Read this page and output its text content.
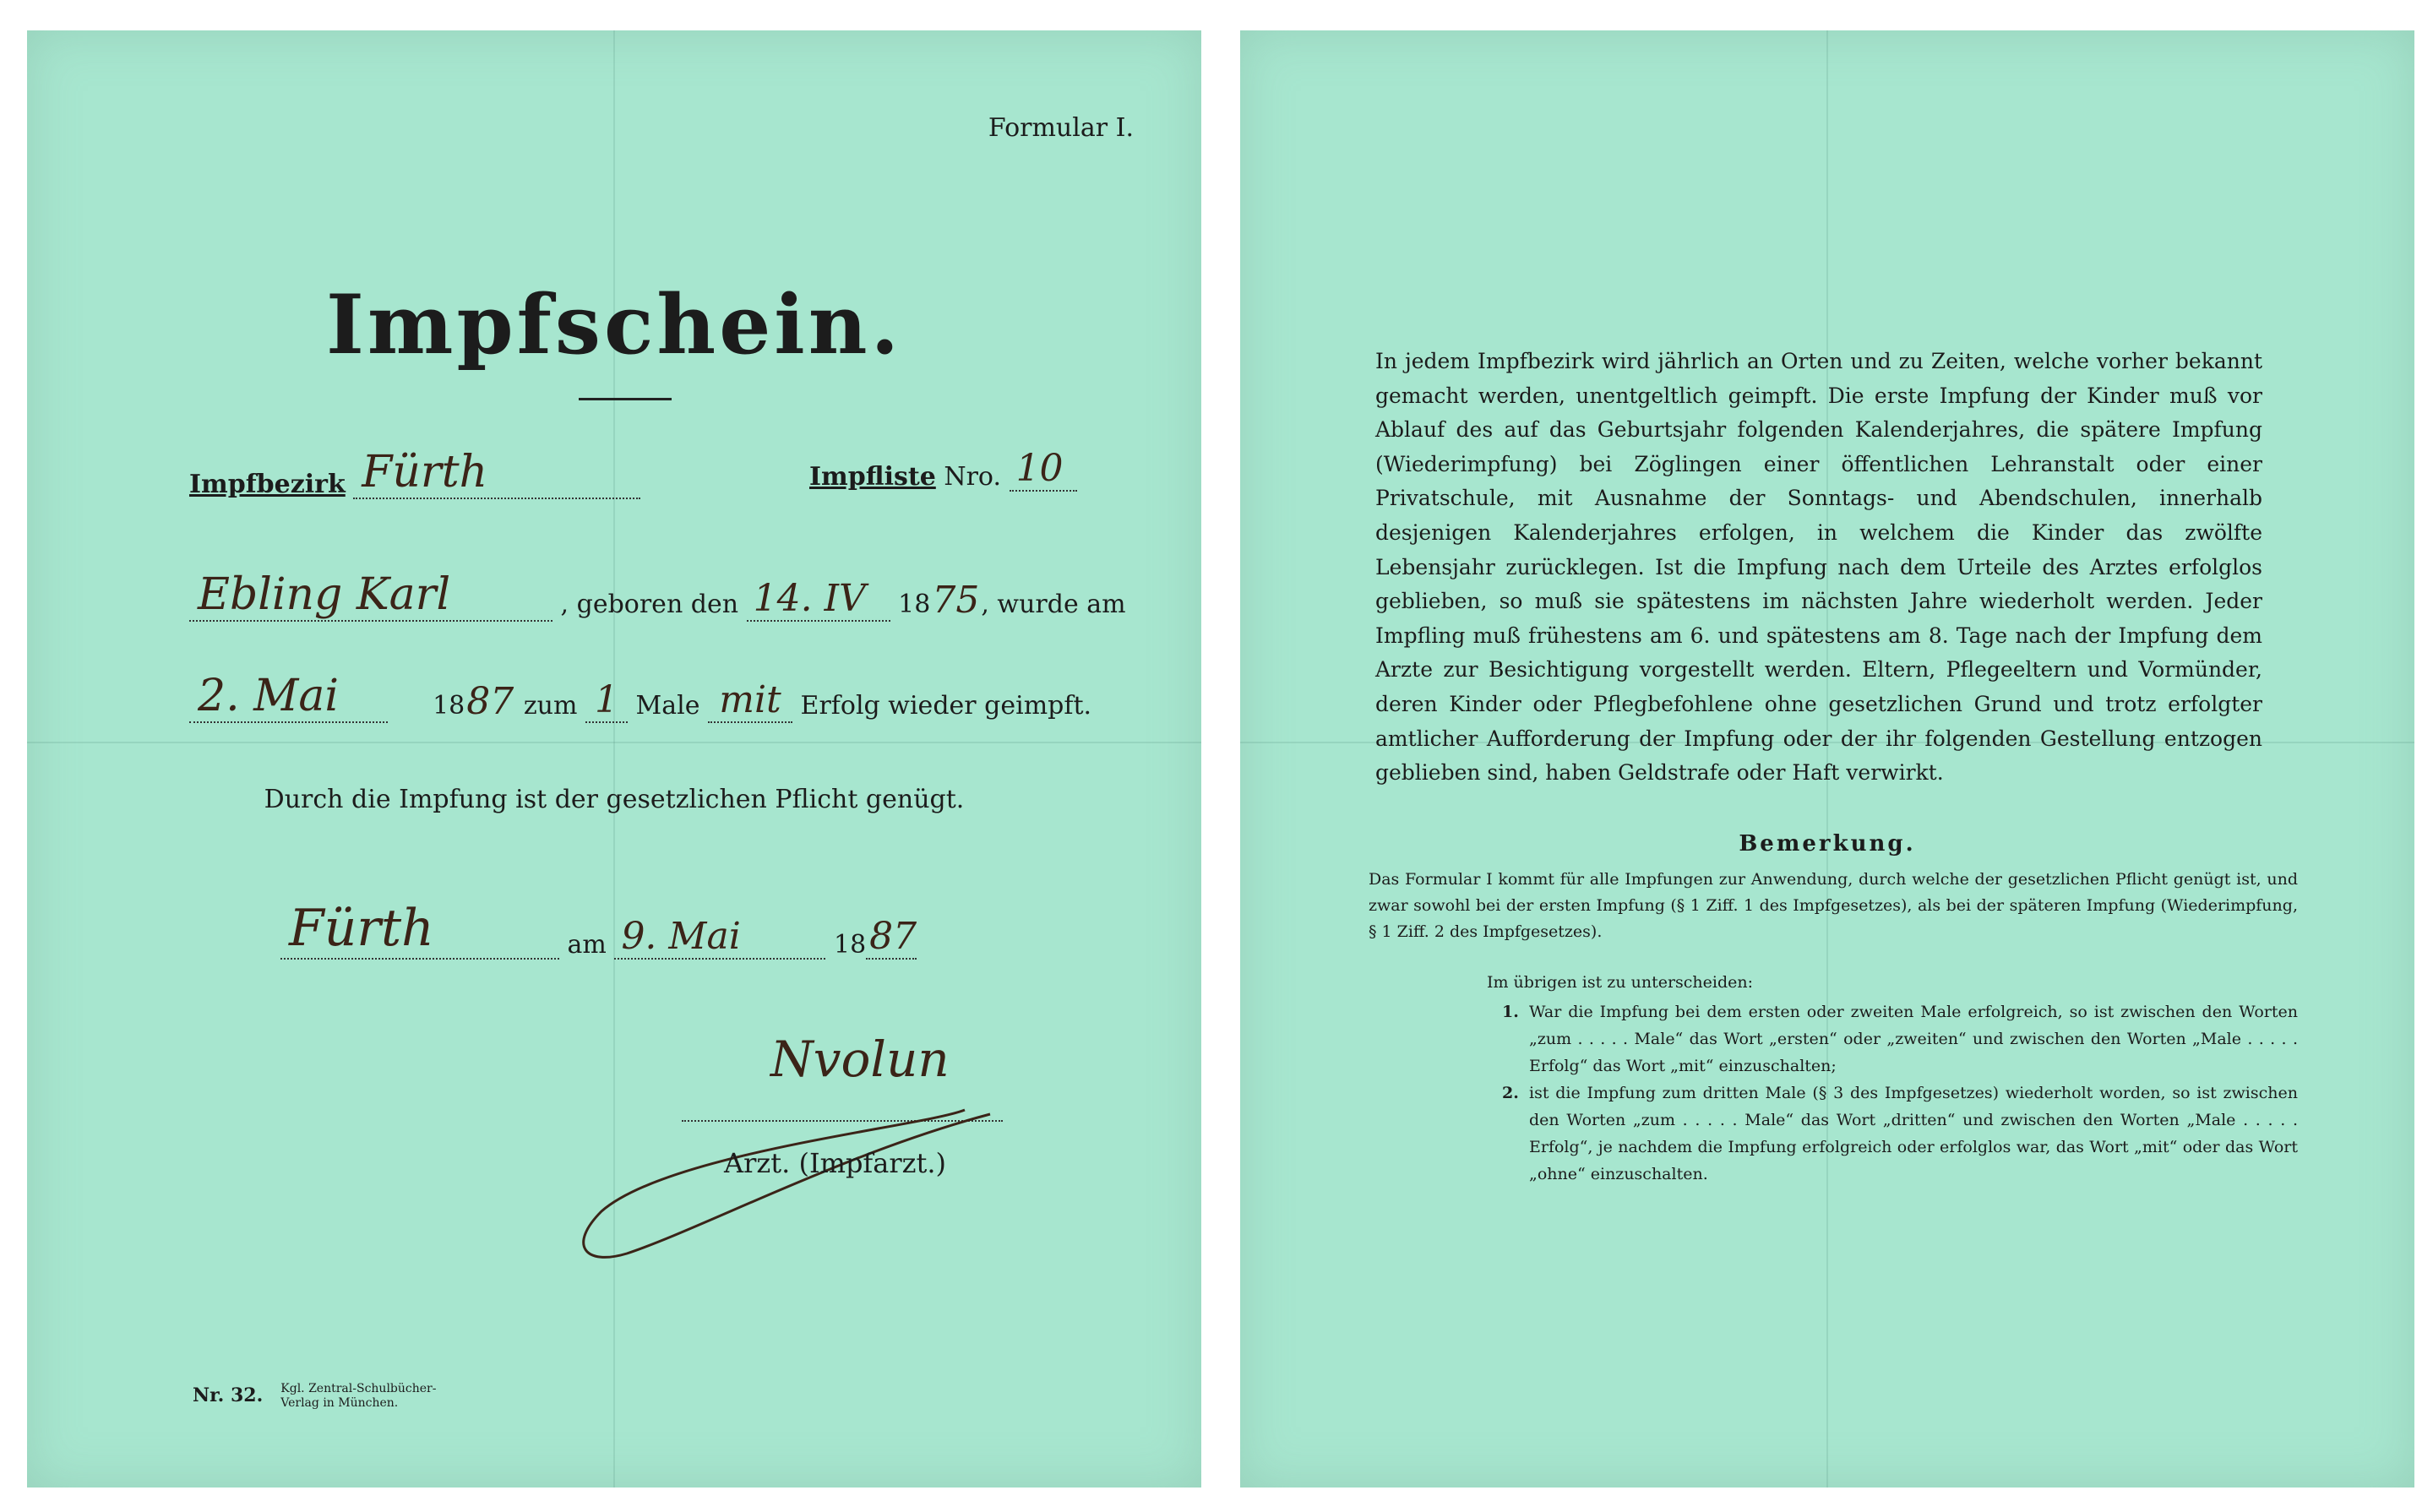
Formular I.
Impfschein.
Impfbezirk Fürth	Impfliste Nro. 10
Ebling Karl	, geboren den 14. IV 1875, wurde am
2. Mai	1887 zum 1 Male mit Erfolg wieder geimpft.
Durch die Impfung ist der gesetzlichen Pflicht genügt.
Fürth	am 9. Mai	1887
Nvolun
Arzt. (Impfarzt.)
Nr. 32. Kgl. Zentral-Schulbücher-
Verlag in München.
In jedem Impfbezirk wird jährlich an Orten und zu Zeiten, welche vorher bekannt gemacht werden, unentgeltlich geimpft. Die erste Impfung der Kinder muß vor Ablauf des auf das Geburtsjahr folgenden Kalenderjahres, die spätere Impfung (Wiederimpfung) bei Zöglingen einer öffentlichen Lehranstalt oder einer Privatschule, mit Ausnahme der Sonntags- und Abendschulen, innerhalb desjenigen Kalenderjahres erfolgen, in welchem die Kinder das zwölfte Lebensjahr zurücklegen. Ist die Impfung nach dem Urteile des Arztes erfolglos geblieben, so muß sie spätestens im nächsten Jahre wiederholt werden. Jeder Impfling muß frühestens am 6. und spätestens am 8. Tage nach der Impfung dem Arzte zur Besichtigung vorgestellt werden. Eltern, Pflegeeltern und Vormünder, deren Kinder oder Pflegbefohlene ohne gesetzlichen Grund und trotz erfolgter amtlicher Aufforderung der Impfung oder der ihr folgenden Gestellung entzogen geblieben sind, haben Geldstrafe oder Haft verwirkt.
Bemerkung.
Das Formular I kommt für alle Impfungen zur Anwendung, durch welche der gesetzlichen Pflicht genügt ist, und zwar sowohl bei der ersten Impfung (§ 1 Ziff. 1 des Impfgesetzes), als bei der späteren Impfung (Wiederimpfung, § 1 Ziff. 2 des Impfgesetzes).
Im übrigen ist zu unterscheiden:
1. War die Impfung bei dem ersten oder zweiten Male erfolgreich, so ist zwischen den Worten „zum . . . . . Male“ das Wort „ersten“ oder „zweiten“ und zwischen den Worten „Male . . . . . Erfolg“ das Wort „mit“ einzuschalten;
2. ist die Impfung zum dritten Male (§ 3 des Impfgesetzes) wiederholt worden, so ist zwischen den Worten „zum . . . . . Male“ das Wort „dritten“ und zwischen den Worten „Male . . . . . Erfolg“, je nachdem die Impfung erfolgreich oder erfolglos war, das Wort „mit“ oder das Wort „ohne“ einzuschalten.
